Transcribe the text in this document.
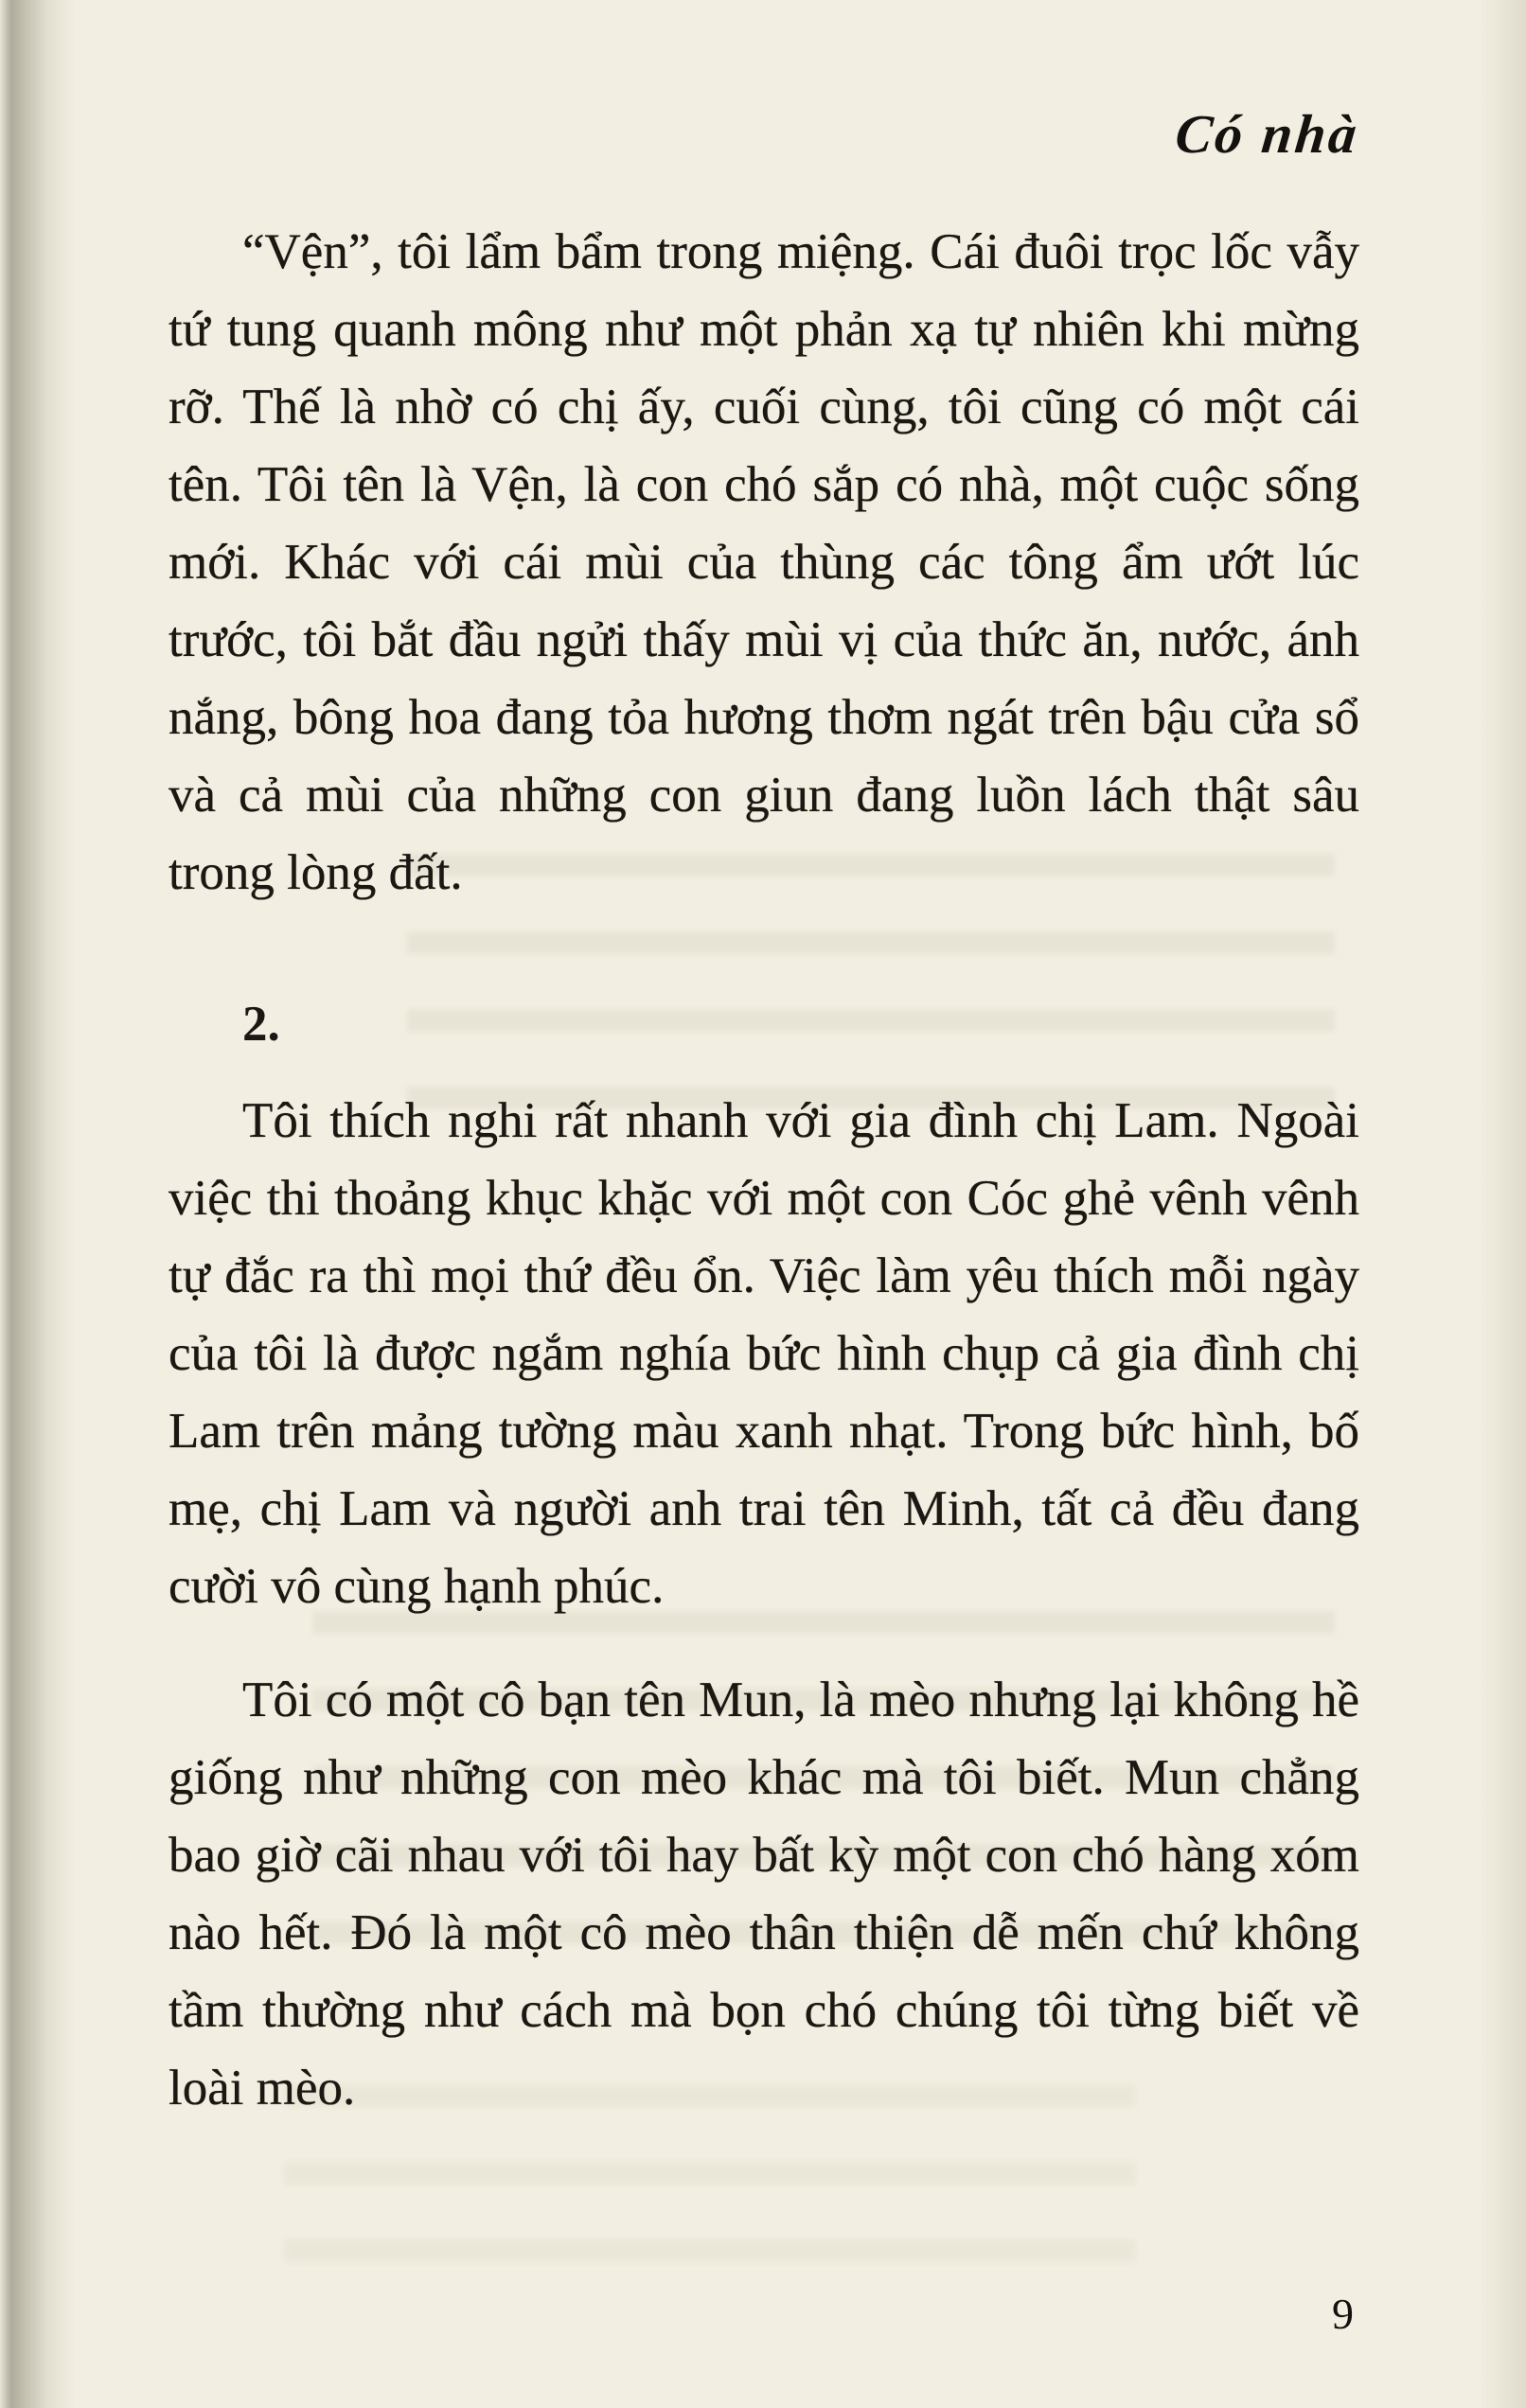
Có nhà

“Vện”, tôi lẩm bẩm trong miệng. Cái đuôi trọc lốc vẫy tứ tung quanh mông như một phản xạ tự nhiên khi mừng rỡ. Thế là nhờ có chị ấy, cuối cùng, tôi cũng có một cái tên. Tôi tên là Vện, là con chó sắp có nhà, một cuộc sống mới. Khác với cái mùi của thùng các tông ẩm ướt lúc trước, tôi bắt đầu ngửi thấy mùi vị của thức ăn, nước, ánh nắng, bông hoa đang tỏa hương thơm ngát trên bậu cửa sổ và cả mùi của những con giun đang luồn lách thật sâu trong lòng đất.

2.

Tôi thích nghi rất nhanh với gia đình chị Lam. Ngoài việc thi thoảng khục khặc với một con Cóc ghẻ vênh vênh tự đắc ra thì mọi thứ đều ổn. Việc làm yêu thích mỗi ngày của tôi là được ngắm nghía bức hình chụp cả gia đình chị Lam trên mảng tường màu xanh nhạt. Trong bức hình, bố mẹ, chị Lam và người anh trai tên Minh, tất cả đều đang cười vô cùng hạnh phúc.

Tôi có một cô bạn tên Mun, là mèo nhưng lại không hề giống như những con mèo khác mà tôi biết. Mun chẳng bao giờ cãi nhau với tôi hay bất kỳ một con chó hàng xóm nào hết. Đó là một cô mèo thân thiện dễ mến chứ không tầm thường như cách mà bọn chó chúng tôi từng biết về loài mèo.

9
